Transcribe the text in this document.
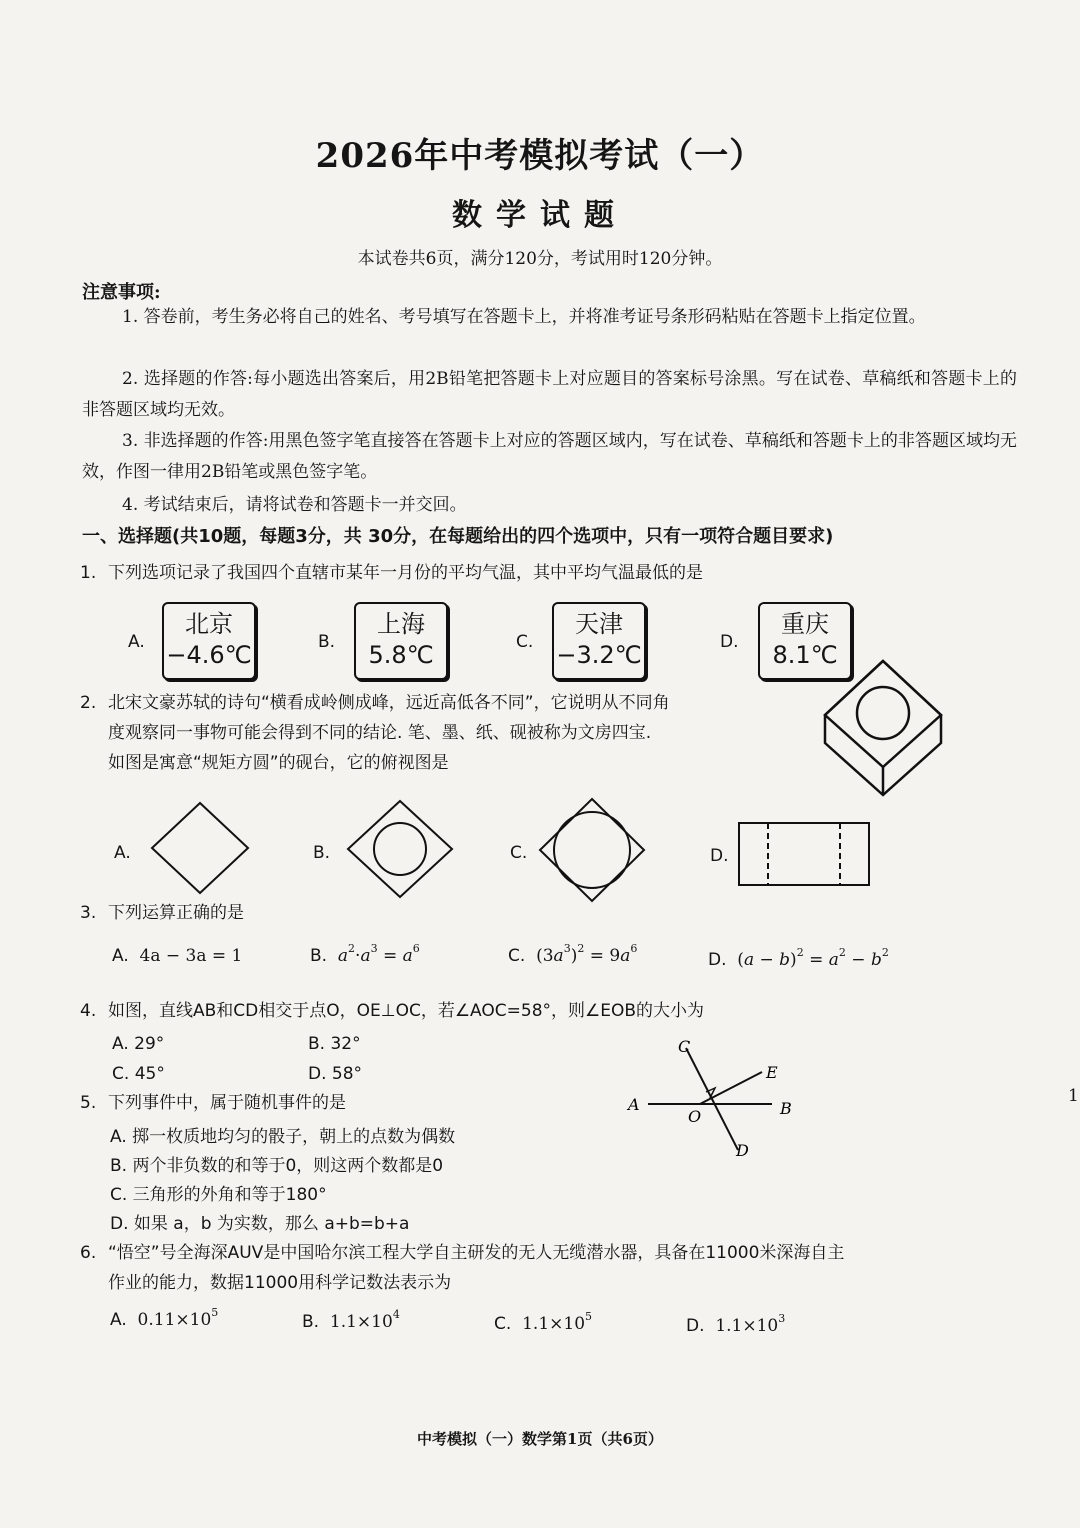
2026年中考模拟考试（一）
数学试题
本试卷共6页，满分120分，考试用时120分钟。
注意事项:
1. 答卷前，考生务必将自己的姓名、考号填写在答题卡上，并将准考证号条形码粘贴在答题卡上指定位置。
2. 选择题的作答:每小题选出答案后，用2B铅笔把答题卡上对应题目的答案标号涂黑。写在试卷、草稿纸和答题卡上的非答题区域均无效。
3. 非选择题的作答:用黑色签字笔直接答在答题卡上对应的答题区域内，写在试卷、草稿纸和答题卡上的非答题区域均无效，作图一律用2B铅笔或黑色签字笔。
4. 考试结束后，请将试卷和答题卡一并交回。
一、选择题(共10题，每题3分，共 30分，在每题给出的四个选项中，只有一项符合题目要求)
1. 下列选项记录了我国四个直辖市某年一月份的平均气温，其中平均气温最低的是
A.
北京
−4.6℃	B.
上海
5.8℃	C.
天津
−3.2℃	D.
重庆
8.1℃
2. 北宋文豪苏轼的诗句“横看成岭侧成峰，远近高低各不同”，它说明从不同角
度观察同一事物可能会得到不同的结论. 笔、墨、纸、砚被称为文房四宝.
如图是寓意“规矩方圆”的砚台，它的俯视图是
A.	B.	C.	D.
3. 下列运算正确的是
A. 4a − 3a = 1	B. $a^2\cdot a^3 = a^6$	C.  $(3a^3)^2 = 9a^6$
D.  $(a - b)^2 = a^2 - b^2$
4. 如图，直线AB和CD相交于点O，OE⊥OC，若∠AOC=58°，则∠EOB的大小为
A. 29°	B. 32°
C. 45°	D. 58°
C
E
A	B
O
D
5. 下列事件中，属于随机事件的是
A. 掷一枚质地均匀的骰子，朝上的点数为偶数
B. 两个非负数的和等于0，则这两个数都是0
C. 三角形的外角和等于180°
D. 如果 a，b 为实数，那么 a+b=b+a
6. “悟空”号全海深AUV是中国哈尔滨工程大学自主研发的无人无缆潜水器，具备在11000米深海自主
作业的能力，数据11000用科学记数法表示为
A. $0.11\times 10^5$	B. $1.1\times 10^4$	C. $1.1\times 10^5$	D. $1.1\times 10^3$
1
中考模拟（一）数学第1页（共6页）
